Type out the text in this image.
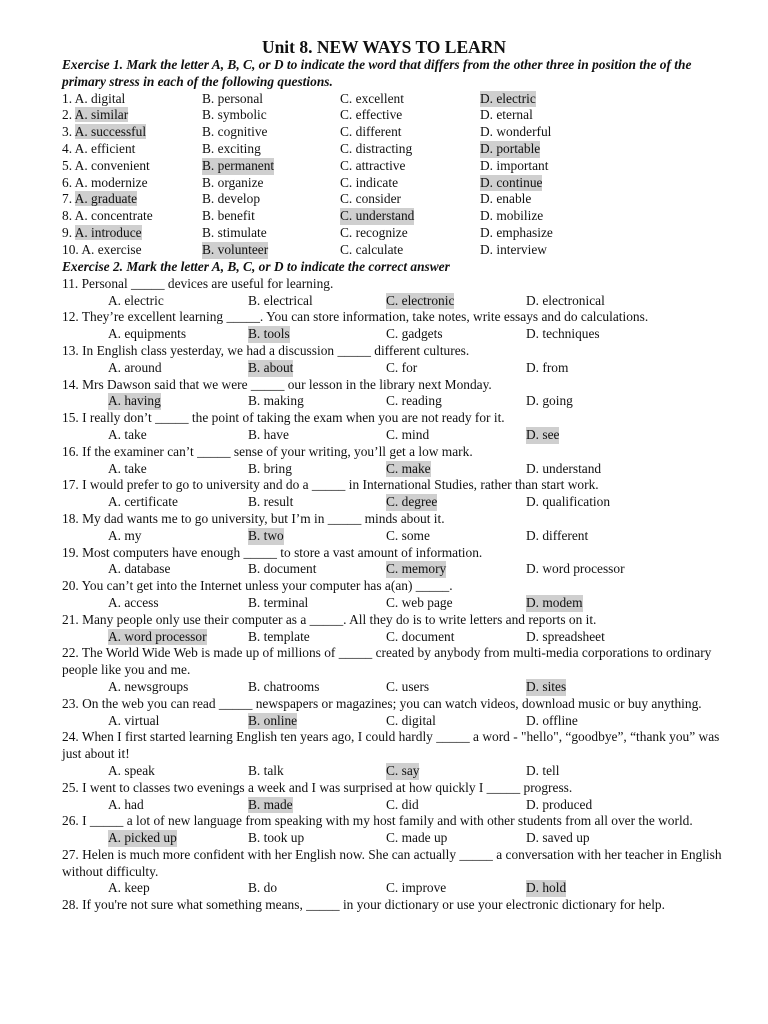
Unit 8. NEW WAYS TO LEARN
Exercise 1. Mark the letter A, B, C, or D to indicate the word that differs from the other three in position the of the primary stress in each of the following questions.
1. A. digital	B. personal	C. excellent	D. electric
2. A. similar	B. symbolic	C. effective	D. eternal
3. A. successful	B. cognitive	C. different	D. wonderful
4. A. efficient	B. exciting	C. distracting	D. portable
5. A. convenient	B. permanent	C. attractive	D. important
6. A. modernize	B. organize	C. indicate	D. continue
7. A. graduate	B. develop	C. consider	D. enable
8. A. concentrate	B. benefit	C. understand	D. mobilize
9. A. introduce	B. stimulate	C. recognize	D. emphasize
10. A. exercise	B. volunteer	C. calculate	D. interview
Exercise 2. Mark the letter A, B, C, or D to indicate the correct answer
11. Personal _____ devices are useful for learning.
A. electric	B. electrical	C. electronic	D. electronical
12. They’re excellent learning _____. You can store information, take notes, write essays and do calculations.
A. equipments	B. tools	C. gadgets	D. techniques
13. In English class yesterday, we had a discussion _____ different cultures.
A. around	B. about	C. for	D. from
14. Mrs Dawson said that we were _____ our lesson in the library next Monday.
A. having	B. making	C. reading	D. going
15. I really don’t _____ the point of taking the exam when you are not ready for it.
A. take	B. have	C. mind	D. see
16. If the examiner can’t _____ sense of your writing, you’ll get a low mark.
A. take	B. bring	C. make	D. understand
17. I would prefer to go to university and do a _____ in International Studies, rather than start work.
A. certificate	B. result	C. degree	D. qualification
18. My dad wants me to go university, but I’m in _____ minds about it.
A. my	B. two	C. some	D. different
19. Most computers have enough _____ to store a vast amount of information.
A. database	B. document	C. memory	D. word processor
20. You can’t get into the Internet unless your computer has a(an) _____.
A. access	B. terminal	C. web page	D. modem
21. Many people only use their computer as a _____. All they do is to write letters and reports on it.
A. word processor	B. template	C. document	D. spreadsheet
22. The World Wide Web is made up of millions of _____ created by anybody from multi-media corporations to ordinary people like you and me.
A. newsgroups	B. chatrooms	C. users	D. sites
23. On the web you can read _____ newspapers or magazines; you can watch videos, download music or buy anything.
A. virtual	B. online	C. digital	D. offline
24. When I first started learning English ten years ago, I could hardly _____ a word - "hello", “goodbye”, “thank you” was just about it!
A. speak	B. talk	C. say	D. tell
25. I went to classes two evenings a week and I was surprised at how quickly I _____ progress.
A. had	B. made	C. did	D. produced
26. I _____ a lot of new language from speaking with my host family and with other students from all over the world.
A. picked up	B. took up	C. made up	D. saved up
27. Helen is much more confident with her English now. She can actually _____ a conversation with her teacher in English without difficulty.
A. keep	B. do	C. improve	D. hold
28. If you're not sure what something means, _____ in your dictionary or use your electronic dictionary for help.
